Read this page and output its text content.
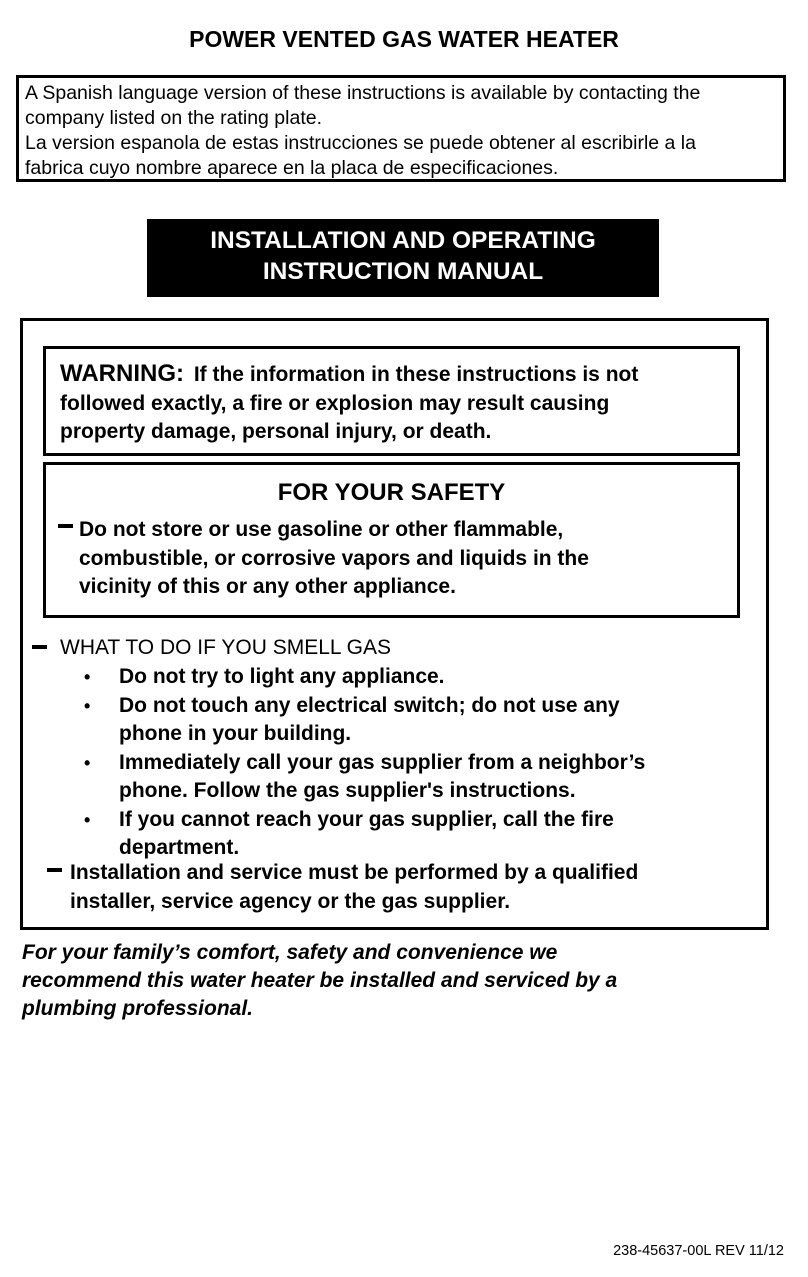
POWER VENTED GAS WATER HEATER
A Spanish language version of these instructions is available by contacting the
company listed on the rating plate.
La version espanola de estas instrucciones se puede obtener al escribirle a la
fabrica cuyo nombre aparece en la placa de especificaciones.
INSTALLATION AND OPERATING
INSTRUCTION MANUAL
WARNING: If the information in these instructions is not
followed exactly, a fire or explosion may result causing
property damage, personal injury, or death.
FOR YOUR SAFETY
Do not store or use gasoline or other flammable,
combustible, or corrosive vapors and liquids in the
vicinity of this or any other appliance.
WHAT TO DO IF YOU SMELL GAS
• Do not try to light any appliance.
• Do not touch any electrical switch; do not use any
phone in your building.
• Immediately call your gas supplier from a neighbor’s
phone. Follow the gas supplier's instructions.
• If you cannot reach your gas supplier, call the fire
department.
Installation and service must be performed by a qualified
installer, service agency or the gas supplier.
For your family’s comfort, safety and convenience we
recommend this water heater be installed and serviced by a
plumbing professional.
238-45637-00L REV 11/12
